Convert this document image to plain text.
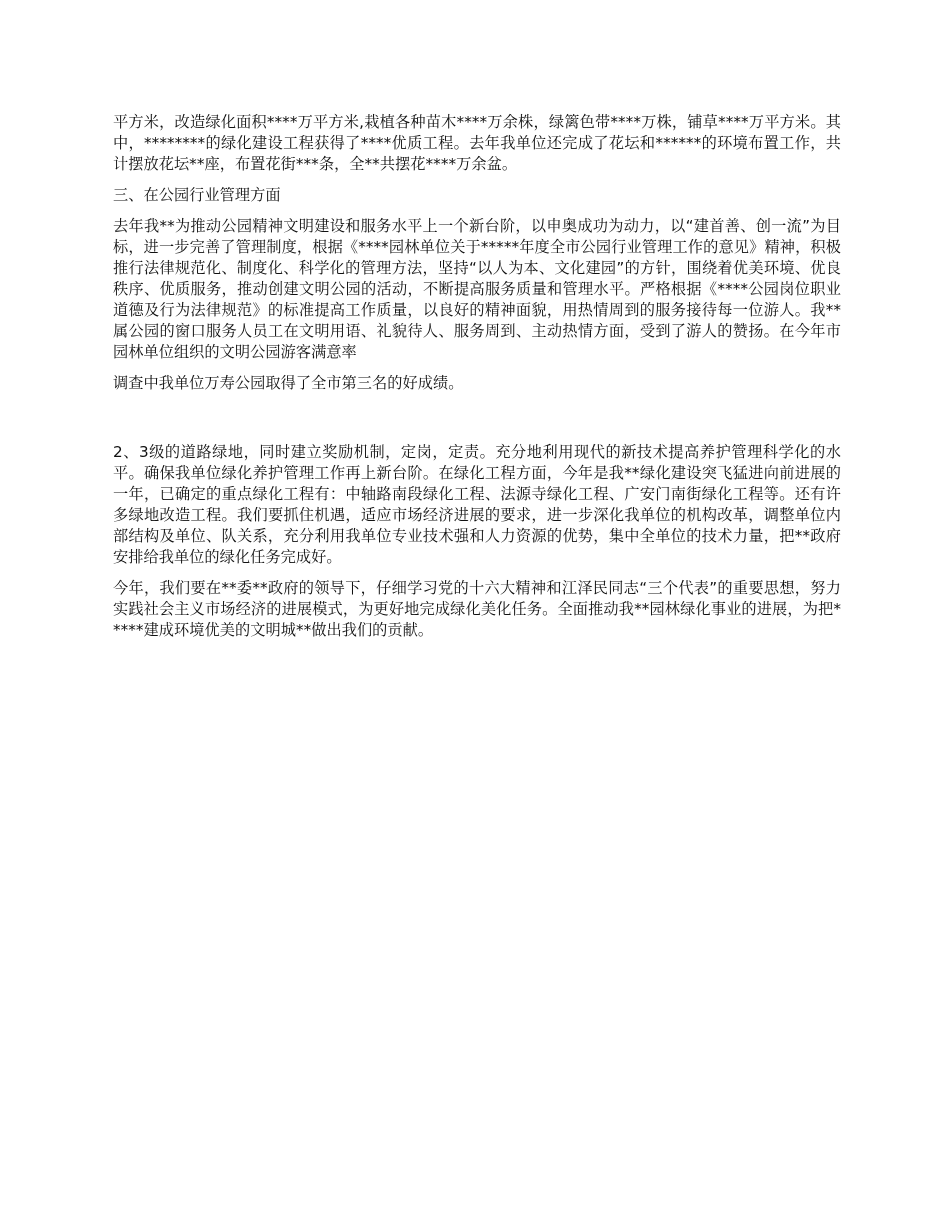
平方米，改造绿化面积****万平方米,栽植各种苗木****万余株，绿篱色带****万株，铺草****万平方米。其中，********的绿化建设工程获得了****优质工程。去年我单位还完成了花坛和******的环境布置工作，共计摆放花坛**座，布置花街***条，全**共摆花****万余盆。

三、在公园行业管理方面

去年我**为推动公园精神文明建设和服务水平上一个新台阶，以申奥成功为动力，以“建首善、创一流”为目标，进一步完善了管理制度，根据《****园林单位关于*****年度全市公园行业管理工作的意见》精神，积极推行法律规范化、制度化、科学化的管理方法，坚持“以人为本、文化建园”的方针，围绕着优美环境、优良秩序、优质服务，推动创建文明公园的活动，不断提高服务质量和管理水平。严格根据《****公园岗位职业道德及行为法律规范》的标准提高工作质量，以良好的精神面貌，用热情周到的服务接待每一位游人。我**属公园的窗口服务人员工在文明用语、礼貌待人、服务周到、主动热情方面，受到了游人的赞扬。在今年市园林单位组织的文明公园游客满意率

调查中我单位万寿公园取得了全市第三名的好成绩。

2、3级的道路绿地，同时建立奖励机制，定岗，定责。充分地利用现代的新技术提高养护管理科学化的水平。确保我单位绿化养护管理工作再上新台阶。在绿化工程方面，今年是我**绿化建设突飞猛进向前进展的一年，已确定的重点绿化工程有：中轴路南段绿化工程、法源寺绿化工程、广安门南街绿化工程等。还有许多绿地改造工程。我们要抓住机遇，适应市场经济进展的要求，进一步深化我单位的机构改革，调整单位内部结构及单位、队关系，充分利用我单位专业技术强和人力资源的优势，集中全单位的技术力量，把**政府安排给我单位的绿化任务完成好。

今年，我们要在**委**政府的领导下，仔细学习党的十六大精神和江泽民同志“三个代表”的重要思想，努力实践社会主义市场经济的进展模式，为更好地完成绿化美化任务。全面推动我**园林绿化事业的进展，为把*****建成环境优美的文明城**做出我们的贡献。
